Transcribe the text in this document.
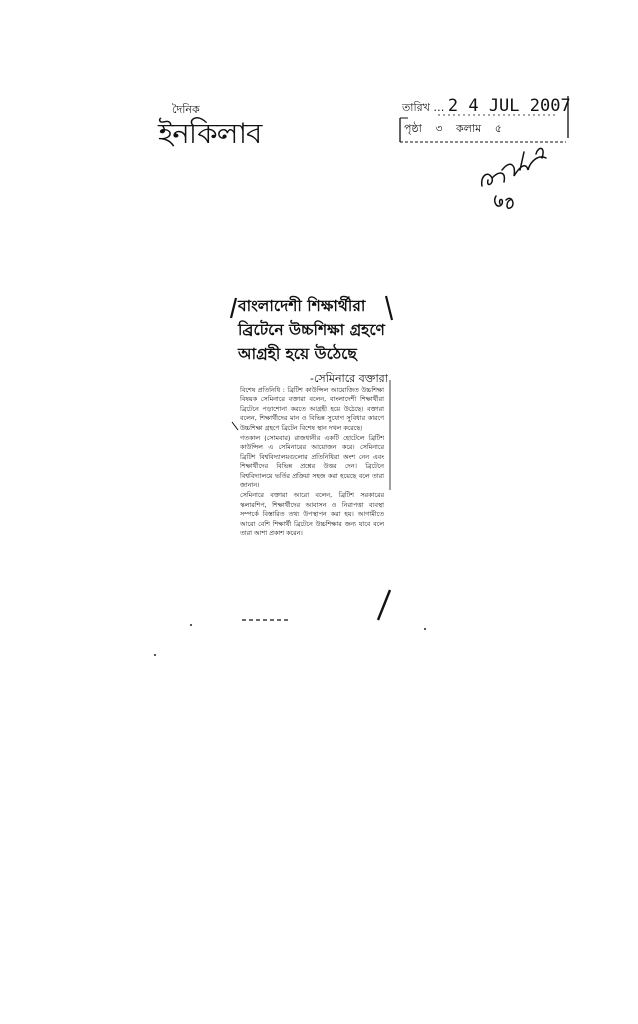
দৈনিক
ইনকিলাব
তারিখ … 2 4 JUL 2007
পৃষ্ঠা ৩ কলাম ৫
বাংলাদেশী শিক্ষার্থীরা
ব্রিটেনে উচ্চশিক্ষা গ্রহণে
আগ্রহী হয়ে উঠেছে
-সেমিনারে বক্তারা

বিশেষ প্রতিনিধি : ব্রিটিশ কাউন্সিল আয়োজিত উচ্চশিক্ষা বিষয়ক সেমিনারে বক্তারা বলেন, বাংলাদেশী শিক্ষার্থীরা ব্রিটেনে পড়াশোনা করতে আগ্রহী হয়ে উঠেছে। বক্তারা বলেন, শিক্ষার্থীদের মান ও বিভিন্ন সুযোগ সুবিধার কারণে উচ্চশিক্ষা গ্রহণে ব্রিটেন বিশেষ স্থান দখল করেছে।

গতকাল (সোমবার) রাজধানীর একটি হোটেলে ব্রিটিশ কাউন্সিল এ সেমিনারের আয়োজন করে। সেমিনারে ব্রিটিশ বিশ্ববিদ্যালয়গুলোর প্রতিনিধিরা অংশ নেন এবং শিক্ষার্থীদের বিভিন্ন প্রশ্নের উত্তর দেন। ব্রিটেনে বিশ্ববিদ্যালয়ে ভর্তির প্রক্রিয়া সহজ করা হয়েছে বলে তারা জানান।

সেমিনারে বক্তারা আরো বলেন, ব্রিটিশ সরকারের স্কলারশিপ, শিক্ষার্থীদের আবাসন ও নিরাপত্তা ব্যবস্থা সম্পর্কে বিস্তারিত তথ্য উপস্থাপন করা হয়। আগামীতে আরো বেশি শিক্ষার্থী ব্রিটেনে উচ্চশিক্ষার জন্য যাবে বলে তারা আশা প্রকাশ করেন।
